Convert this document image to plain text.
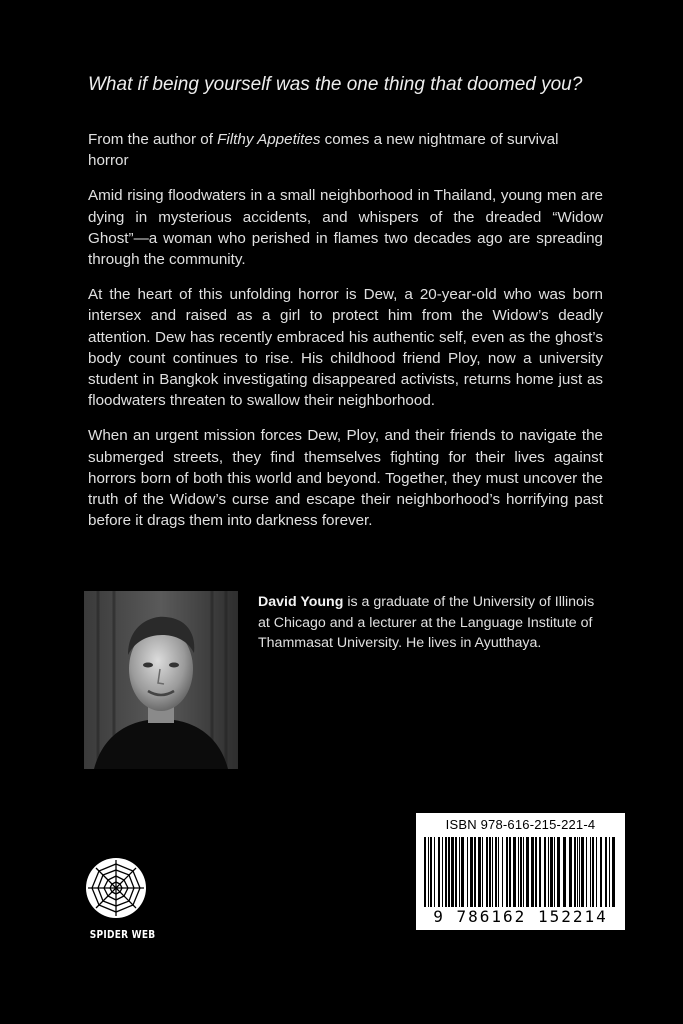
What if being yourself was the one thing that doomed you?

From the author of Filthy Appetites comes a new nightmare of survival horror

Amid rising floodwaters in a small neighborhood in Thailand, young men are dying in mysterious accidents, and whispers of the dreaded “Widow Ghost”—a woman who perished in flames two decades ago are spreading through the community.

At the heart of this unfolding horror is Dew, a 20-year-old who was born intersex and raised as a girl to protect him from the Widow’s deadly attention. Dew has recently embraced his authentic self, even as the ghost’s body count continues to rise. His childhood friend Ploy, now a university student in Bangkok investigating disappeared activists, returns home just as floodwaters threaten to swallow their neighborhood.

When an urgent mission forces Dew, Ploy, and their friends to navigate the submerged streets, they find themselves fighting for their lives against horrors born of both this world and beyond. Together, they must uncover the truth of the Widow’s curse and escape their neighborhood’s horrifying past before it drags them into darkness forever.

David Young is a graduate of the University of Illinois at Chicago and a lecturer at the Language Institute of Thammasat University. He lives in Ayutthaya.
ISBN 978-616-215-221-4
9 786162 152214
SPIDER WEB
